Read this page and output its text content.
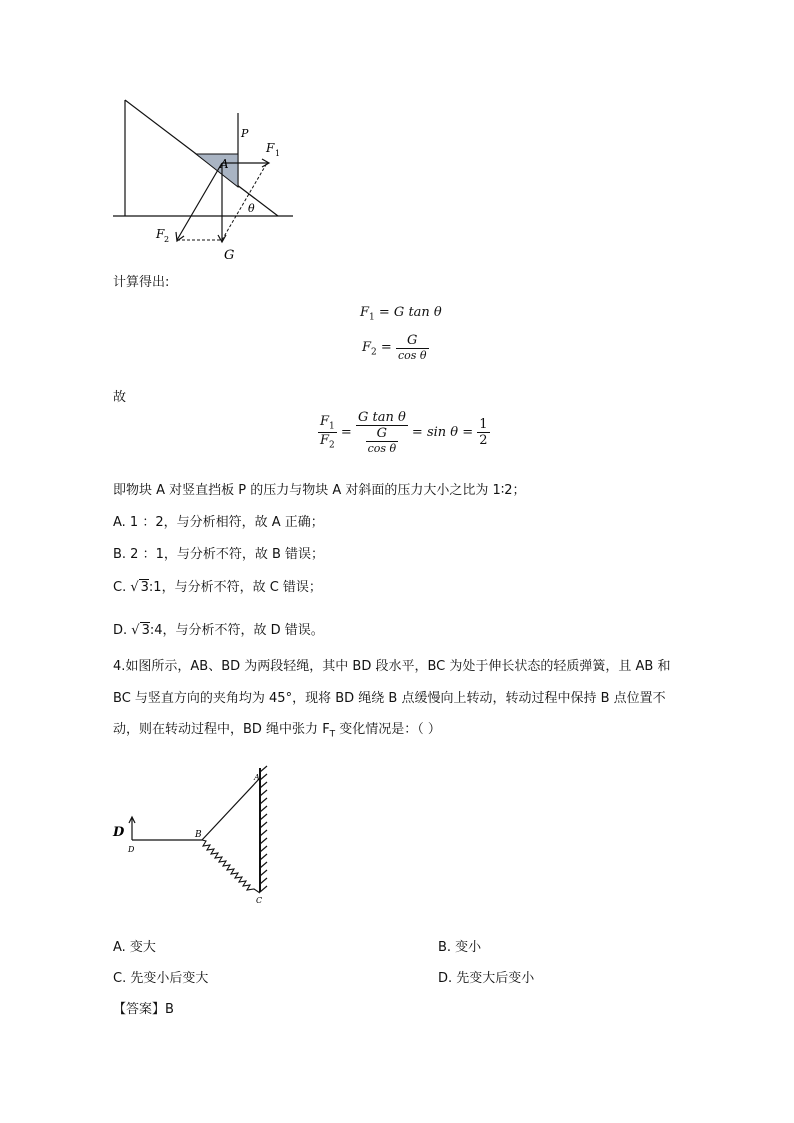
P
A
F 1
θ
F 2
G
计算得出:
$F_1 = G$ tan θ
$F_2 = \frac{G}{\text{cos θ}}$
故
$\frac{F_1}{F_2} = \frac{\text{G tan θ}}{\frac{G}{\text{cos θ}}} = \sin \theta = \frac{1}{2}$
即物块 A 对竖直挡板 P 的压力与物块 A 对斜面的压力大小之比为 1∶2；
A. 1 ：2，与分析相符，故 A 正确；
B. 2 ：1，与分析不符，故 B 错误；
C. √ 3:1，与分析不符，故 C 错误；
D. √ 3:4，与分析不符，故 D 错误。
4.如图所示，AB、BD 为两段轻绳，其中 BD 段水平，BC 为处于伸长状态的轻质弹簧，且 AB 和
BC 与竖直方向的夹角均为 45°，现将 BD 绳绕 B 点缓慢向上转动，转动过程中保持 B 点位置不
动，则在转动过程中，BD 绳中张力 $F_T$ 变化情况是：（ ）
D
D
B
A
C
A. 变大	B. 变小
C. 先变小后变大	D. 先变大后变小
【答案】B
